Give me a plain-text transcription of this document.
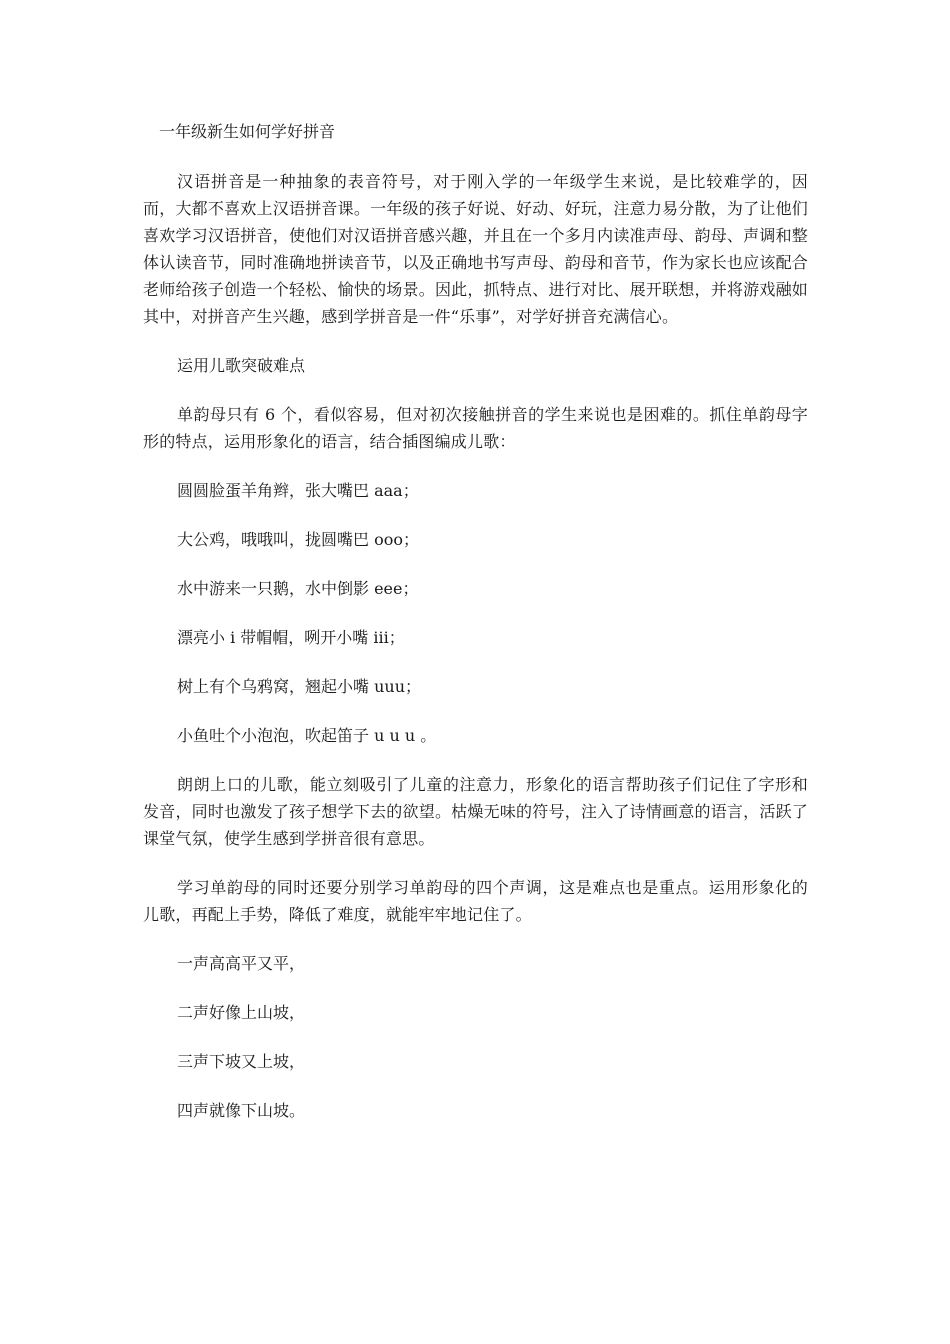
一年级新生如何学好拼音

汉语拼音是一种抽象的表音符号，对于刚入学的一年级学生来说，是比较难学的，因而，大都不喜欢上汉语拼音课。一年级的孩子好说、好动、好玩，注意力易分散，为了让他们喜欢学习汉语拼音，使他们对汉语拼音感兴趣，并且在一个多月内读准声母、韵母、声调和整体认读音节，同时准确地拼读音节，以及正确地书写声母、韵母和音节，作为家长也应该配合老师给孩子创造一个轻松、愉快的场景。因此，抓特点、进行对比、展开联想，并将游戏融如其中，对拼音产生兴趣，感到学拼音是一件“乐事”，对学好拼音充满信心。

运用儿歌突破难点

单韵母只有 6 个，看似容易，但对初次接触拼音的学生来说也是困难的。抓住单韵母字形的特点，运用形象化的语言，结合插图编成儿歌：

圆圆脸蛋羊角辫，张大嘴巴 aaa；

大公鸡，哦哦叫，拢圆嘴巴 ooo；

水中游来一只鹅，水中倒影 eee；

漂亮小 i 带帽帽，咧开小嘴 iii；

树上有个乌鸦窝，翘起小嘴 uuu；

小鱼吐个小泡泡，吹起笛子 u u u 。

朗朗上口的儿歌，能立刻吸引了儿童的注意力，形象化的语言帮助孩子们记住了字形和发音，同时也激发了孩子想学下去的欲望。枯燥无味的符号，注入了诗情画意的语言，活跃了课堂气氛，使学生感到学拼音很有意思。

学习单韵母的同时还要分别学习单韵母的四个声调，这是难点也是重点。运用形象化的儿歌，再配上手势，降低了难度，就能牢牢地记住了。

一声高高平又平，

二声好像上山坡，

三声下坡又上坡，

四声就像下山坡。
